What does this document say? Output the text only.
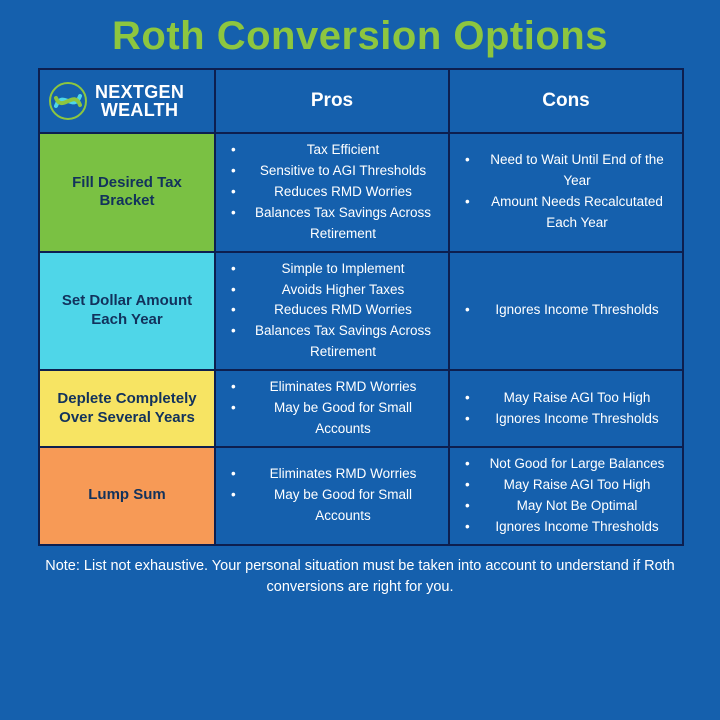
Roth Conversion Options
NEXTGEN
WEALTH	Pros	Cons
Fill Desired Tax Bracket	
•	Tax Efficient
• Sensitive to AGI Thresholds
•	Reduces RMD Worries
• Balances Tax Savings Across Retirement

• Need to Wait Until End of the Year
• Amount Needs Recalcutated Each Year

Set Dollar Amount Each Year	
•	Simple to Implement
•	Avoids Higher Taxes
•	Reduces RMD Worries
• Balances Tax Savings Across Retirement

• Ignores Income Thresholds

Deplete Completely Over Several Years	
•	Eliminates RMD Worries
•	May be Good for Small Accounts

•	May Raise AGI Too High
• Ignores Income Thresholds

Lump Sum	
•	Eliminates RMD Worries
•	May be Good for Small Accounts

• Not Good for Large Balances
•	May Raise AGI Too High
•	May Not Be Optimal
• Ignores Income Thresholds
Note: List not exhaustive. Your personal situation must be taken into account to understand if Roth conversions are right for you.
